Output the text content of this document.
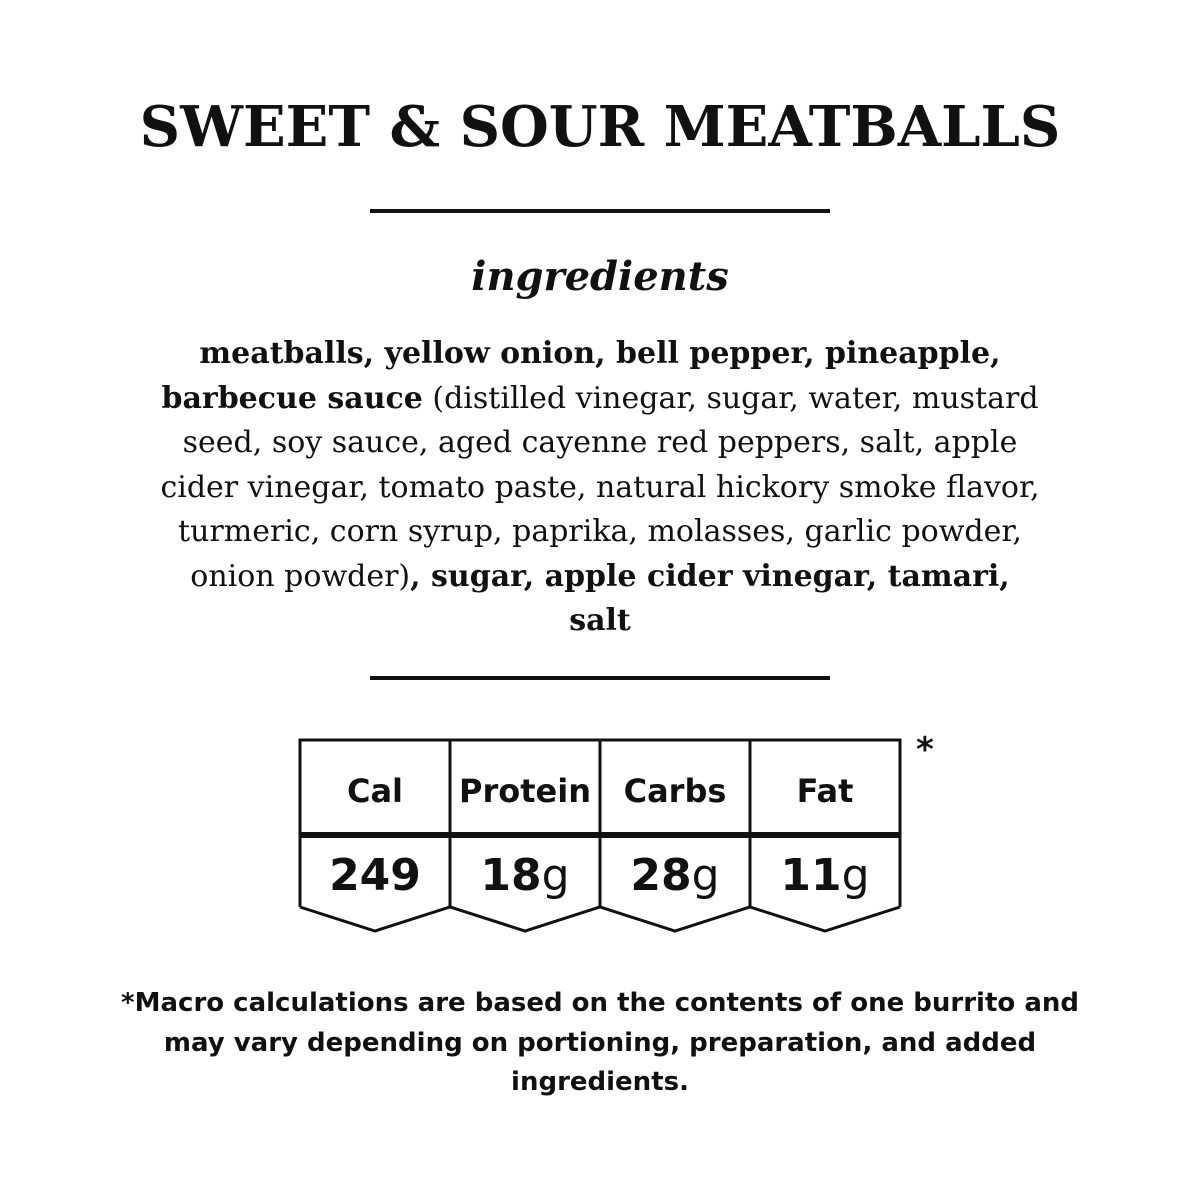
SWEET & SOUR MEATBALLS
ingredients

meatballs, yellow onion, bell pepper, pineapple, barbecue sauce (distilled vinegar, sugar, water, mustard seed, soy sauce, aged cayenne red peppers, salt, apple cider vinegar, tomato paste, natural hickory smoke flavor, turmeric, corn syrup, paprika, molasses, garlic powder, onion powder), sugar, apple cider vinegar, tamari, salt

Cal	Protein	Carbs	Fat
249	18g	28g	11g
*

*Macro calculations are based on the contents of one burrito and may vary depending on portioning, preparation, and added ingredients.
